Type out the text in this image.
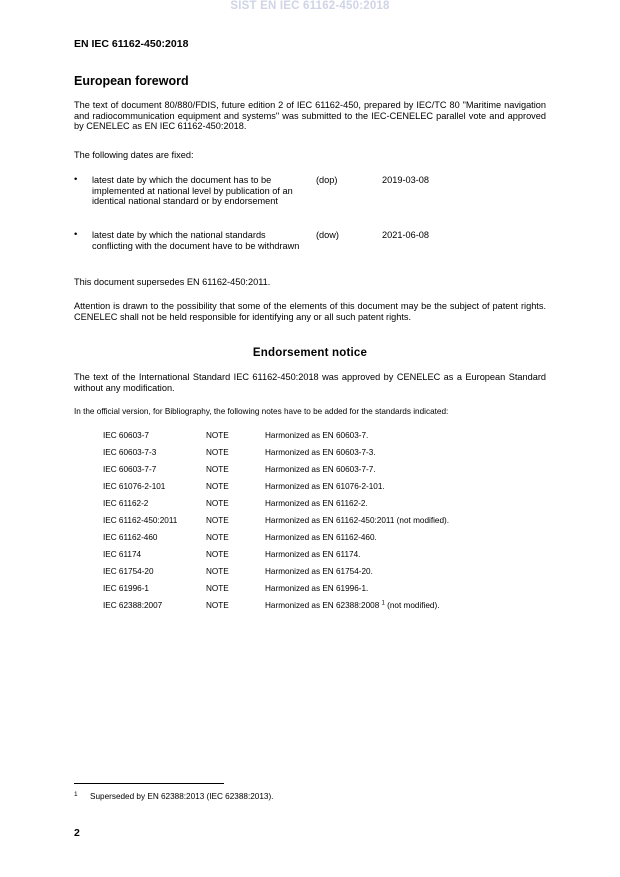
SIST EN IEC 61162-450:2018
EN IEC 61162-450:2018
European foreword
The text of document 80/880/FDIS, future edition 2 of IEC 61162-450, prepared by IEC/TC 80 "Maritime navigation and radiocommunication equipment and systems" was submitted to the IEC-CENELEC parallel vote and approved by CENELEC as EN IEC 61162-450:2018.
The following dates are fixed:
• latest date by which the document has to be implemented at national level by publication of an identical national standard or by endorsement
(dop)	2019-03-08
• latest date by which the national standards conflicting with the document have to be withdrawn
(dow)	2021-06-08
This document supersedes EN 61162-450:2011.
Attention is drawn to the possibility that some of the elements of this document may be the subject of patent rights. CENELEC shall not be held responsible for identifying any or all such patent rights.
Endorsement notice
The text of the International Standard IEC 61162-450:2018 was approved by CENELEC as a European Standard without any modification.
In the official version, for Bibliography, the following notes have to be added for the standards indicated:
IEC 60603-7	NOTE	Harmonized as EN 60603-7.
IEC 60603-7-3	NOTE	Harmonized as EN 60603-7-3.
IEC 60603-7-7	NOTE	Harmonized as EN 60603-7-7.
IEC 61076-2-101	NOTE	Harmonized as EN 61076-2-101.
IEC 61162-2	NOTE	Harmonized as EN 61162-2.
IEC 61162-450:2011	NOTE	Harmonized as EN 61162-450:2011 (not modified).
IEC 61162-460	NOTE	Harmonized as EN 61162-460.
IEC 61174	NOTE	Harmonized as EN 61174.
IEC 61754-20	NOTE	Harmonized as EN 61754-20.
IEC 61996-1	NOTE	Harmonized as EN 61996-1.
IEC 62388:2007	NOTE	Harmonized as EN 62388:2008 $^1$ (not modified).
1 Superseded by EN 62388:2013 (IEC 62388:2013).
2
